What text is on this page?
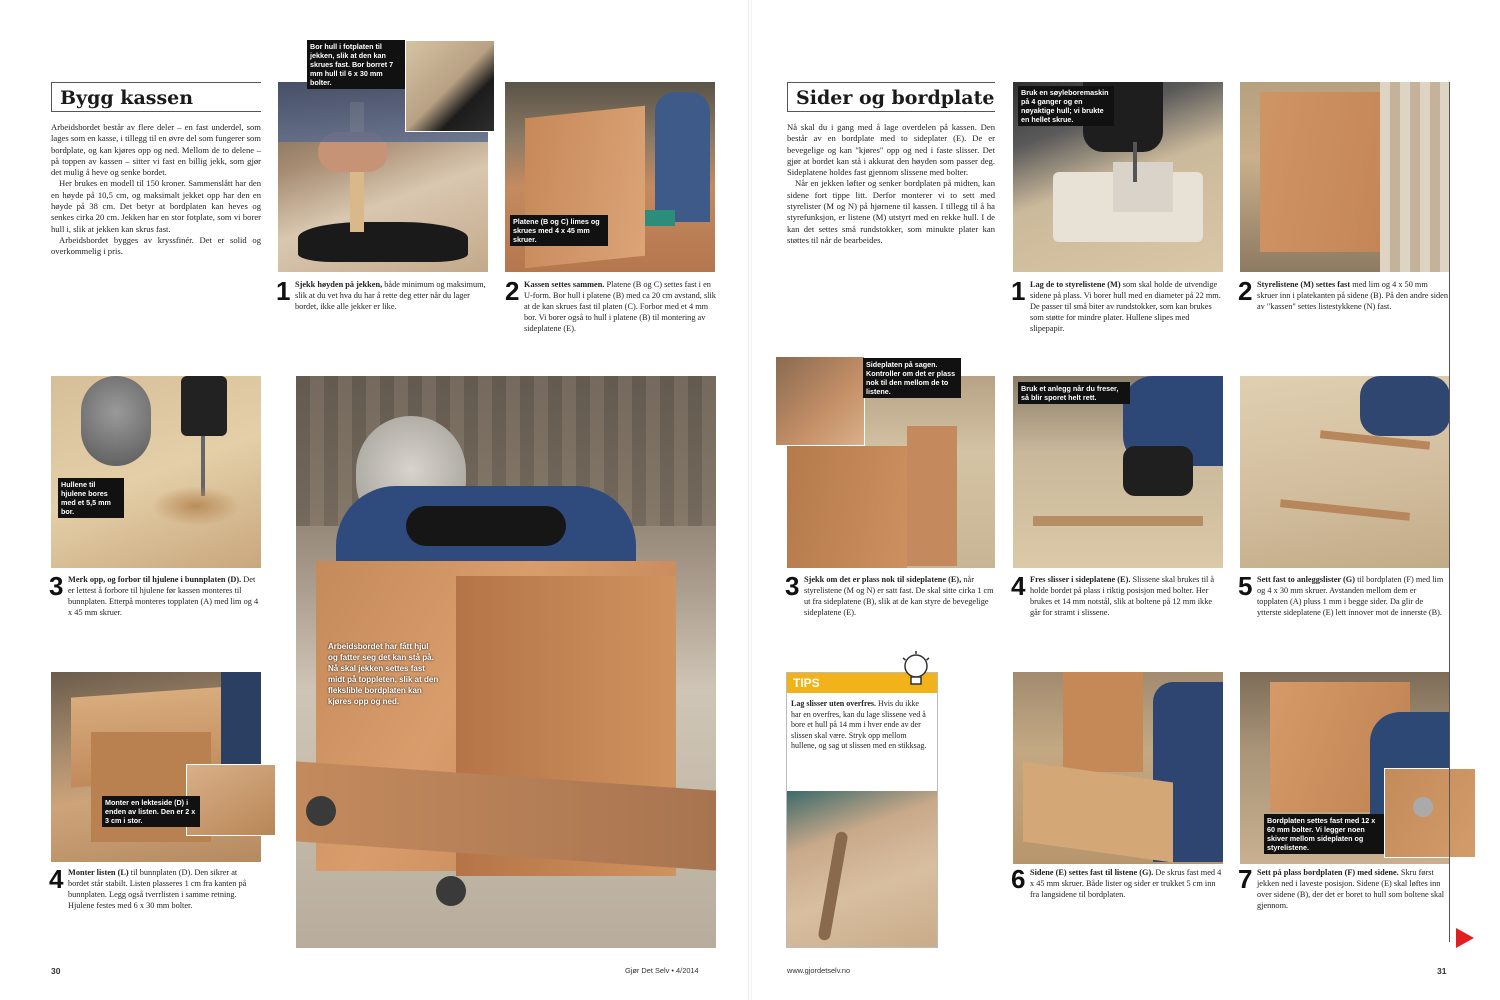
Bygg kassen

Arbeidsbordet består av flere deler – en fast underdel, som lages som en kasse, i tillegg til en øvre del som fungerer som bordplate, og kan kjøres opp og ned. Mellom de to delene – på toppen av kassen – sitter vi fast en billig jekk, som gjør det mulig å heve og senke bordet.

Her brukes en modell til 150 kroner. Sammenslått har den en høyde på 10,5 cm, og maksimalt jekket opp har den en høyde på 38 cm. Det betyr at bordplaten kan heves og senkes cirka 20 cm. Jekken har en stor fotplate, som vi borer hull i, slik at jekken kan skrus fast.

Arbeidsbordet bygges av kryssfinér. Det er solid og overkommelig i pris.

Bor hull i fotplaten til jekken, slik at den kan skrues fast. Bor borret 7 mm hull til 6 x 30 mm bolter.
Platene (B og C) limes og skrues med 4 x 45 mm skruer.
1 Sjekk høyden på jekken, både minimum og maksimum, slik at du vet hva du har å rette deg etter når du lager bordet, ikke alle jekker er like.
2 Kassen settes sammen. Platene (B og C) settes fast i en U-form. Bor hull i platene (B) med ca 20 cm avstand, slik at de kan skrues fast til platen (C). Forbor med et 4 mm bor. Vi borer også to hull i platene (B) til montering av sideplatene (E).
Hullene til hjulene bores med et 5,5 mm bor.
Arbeidsbordet har fått hjul og fatter seg det kan stå på. Nå skal jekken settes fast midt på toppleten, slik at den flekslible bordplaten kan kjøres opp og ned.
3 Merk opp, og forbor til hjulene i bunnplaten (D). Det er lettest å forbore til hjulene før kassen monteres til bunnplaten. Etterpå monteres topplaten (A) med lim og 4 x 45 mm skruer.
Monter en lekteside (D) i enden av listen. Den er 2 x 3 cm i stor.
4 Monter listen (L) til bunnplaten (D). Den sikrer at bordet står stabilt. Listen plasseres 1 cm fra kanten på bunnplaten. Legg også tverrlisten i samme retning. Hjulene festes med 6 x 30 mm bolter.
30	Gjør Det Selv • 4/2014
Sider og bordplate

Nå skal du i gang med å lage overdelen på kassen. Den består av en bordplate med to sideplater (E). De er bevegelige og kan "kjøres" opp og ned i faste slisser. Det gjør at bordet kan stå i akkurat den høyden som passer deg. Sideplatene holdes fast gjennom slissene med bolter.

Når en jekken løfter og senker bordplaten på midten, kan sidene fort tippe litt. Derfor monterer vi to sett med styrelister (M og N) på hjørnene til kassen. I tillegg til å ha styrefunksjon, er listene (M) utstyrt med en rekke hull. I de kan det settes små rundstokker, som minukte plater kan støttes til når de bearbeides.

Bruk en søyleboremaskin på 4 ganger og en nøyaktige hull; vi brukte en hellet skrue.
1 Lag de to styrelistene (M) som skal holde de utvendige sidene på plass. Vi borer hull med en diameter på 22 mm. De passer til små biter av rundstokker, som kan brukes som støtte for mindre plater. Hullene slipes med slipepapir.
2 Styrelistene (M) settes fast med lim og 4 x 50 mm skruer inn i platekanten på sidene (B). På den andre siden av "kassen" settes listestykkene (N) fast.
Sideplaten på sagen. Kontroller om det er plass nok til den mellom de to listene.	Bruk et anlegg når du freser, så blir sporet helt rett.
3 Sjekk om det er plass nok til sideplatene (E), når styrelistene (M og N) er satt fast. De skal sitte cirka 1 cm ut fra sideplatene (B), slik at de kan styre de bevegelige sideplatene (E).
4 Fres slisser i sideplatene (E). Slissene skal brukes til å holde bordet på plass i riktig posisjon med bolter. Her brukes et 14 mm notstål, slik at boltene på 12 mm ikke går for stramt i slissene.
5 Sett fast to anleggslister (G) til bordplaten (F) med lim og 4 x 30 mm skruer. Avstanden mellom dem er topplaten (A) pluss 1 mm i begge sider. Da glir de ytterste sideplatene (E) lett innover mot de innerste (B).
TIPS
Lag slisser uten overfres. Hvis du ikke har en overfres, kan du lage slissene ved å bore et hull på 14 mm i hver ende av der slissen skal være. Stryk opp mellom hullene, og sag ut slissen med en stikksag.
Bordplaten settes fast med 12 x 60 mm bolter. Vi legger noen skiver mellom sideplaten og styrelistene.
6 Sidene (E) settes fast til listene (G). De skrus fast med 4 x 45 mm skruer. Både lister og sider er trukket 5 cm inn fra langsidene til bordplaten.
7 Sett på plass bordplaten (F) med sidene. Skru først jekken ned i laveste posisjon. Sidene (E) skal løftes inn over sidene (B), der det er boret to hull som boltene skal gjennom.
www.gjordetselv.no	31
